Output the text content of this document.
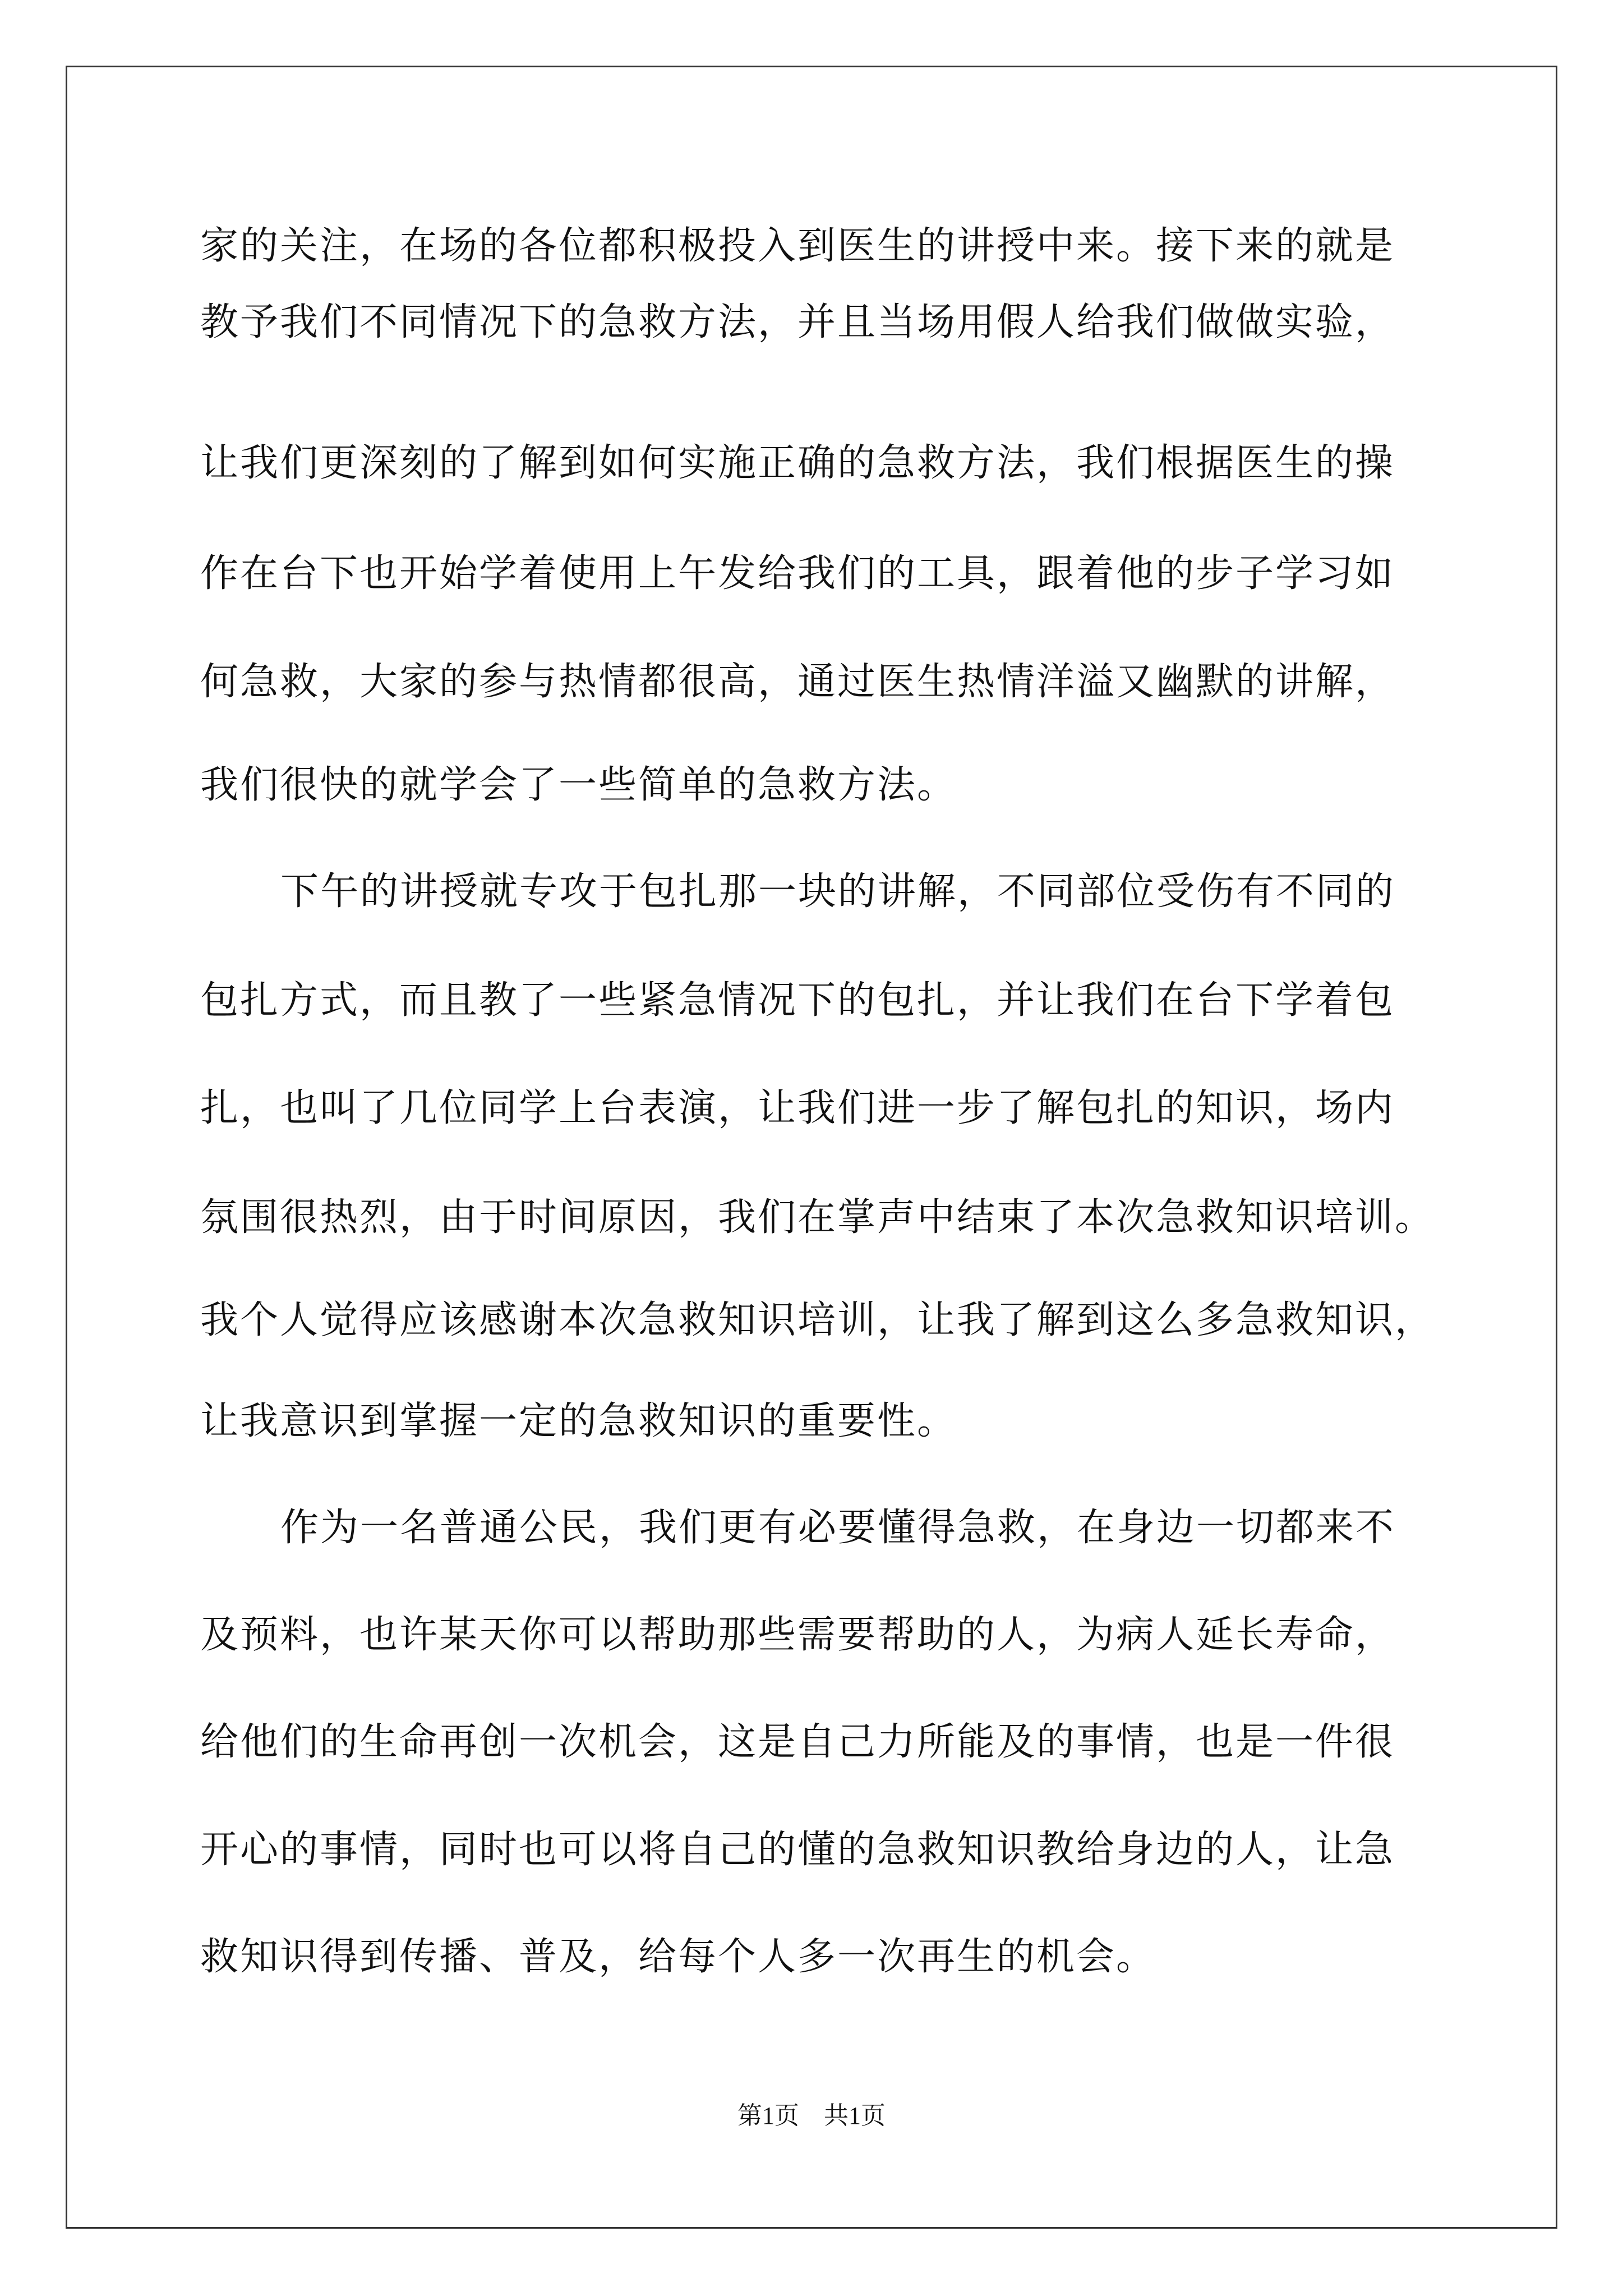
家的关注，在场的各位都积极投入到医生的讲授中来。接下来的就是
教予我们不同情况下的急救方法，并且当场用假人给我们做做实验，
让我们更深刻的了解到如何实施正确的急救方法，我们根据医生的操
作在台下也开始学着使用上午发给我们的工具，跟着他的步子学习如
何急救，大家的参与热情都很高，通过医生热情洋溢又幽默的讲解，
我们很快的就学会了一些简单的急救方法。
下午的讲授就专攻于包扎那一块的讲解，不同部位受伤有不同的
包扎方式，而且教了一些紧急情况下的包扎，并让我们在台下学着包
扎，也叫了几位同学上台表演，让我们进一步了解包扎的知识，场内
氛围很热烈，由于时间原因，我们在掌声中结束了本次急救知识培训。
我个人觉得应该感谢本次急救知识培训，让我了解到这么多急救知识，
让我意识到掌握一定的急救知识的重要性。
作为一名普通公民，我们更有必要懂得急救，在身边一切都来不
及预料，也许某天你可以帮助那些需要帮助的人，为病人延长寿命，
给他们的生命再创一次机会，这是自己力所能及的事情，也是一件很
开心的事情，同时也可以将自己的懂的急救知识教给身边的人，让急
救知识得到传播、普及，给每个人多一次再生的机会。
第1页 共1页
